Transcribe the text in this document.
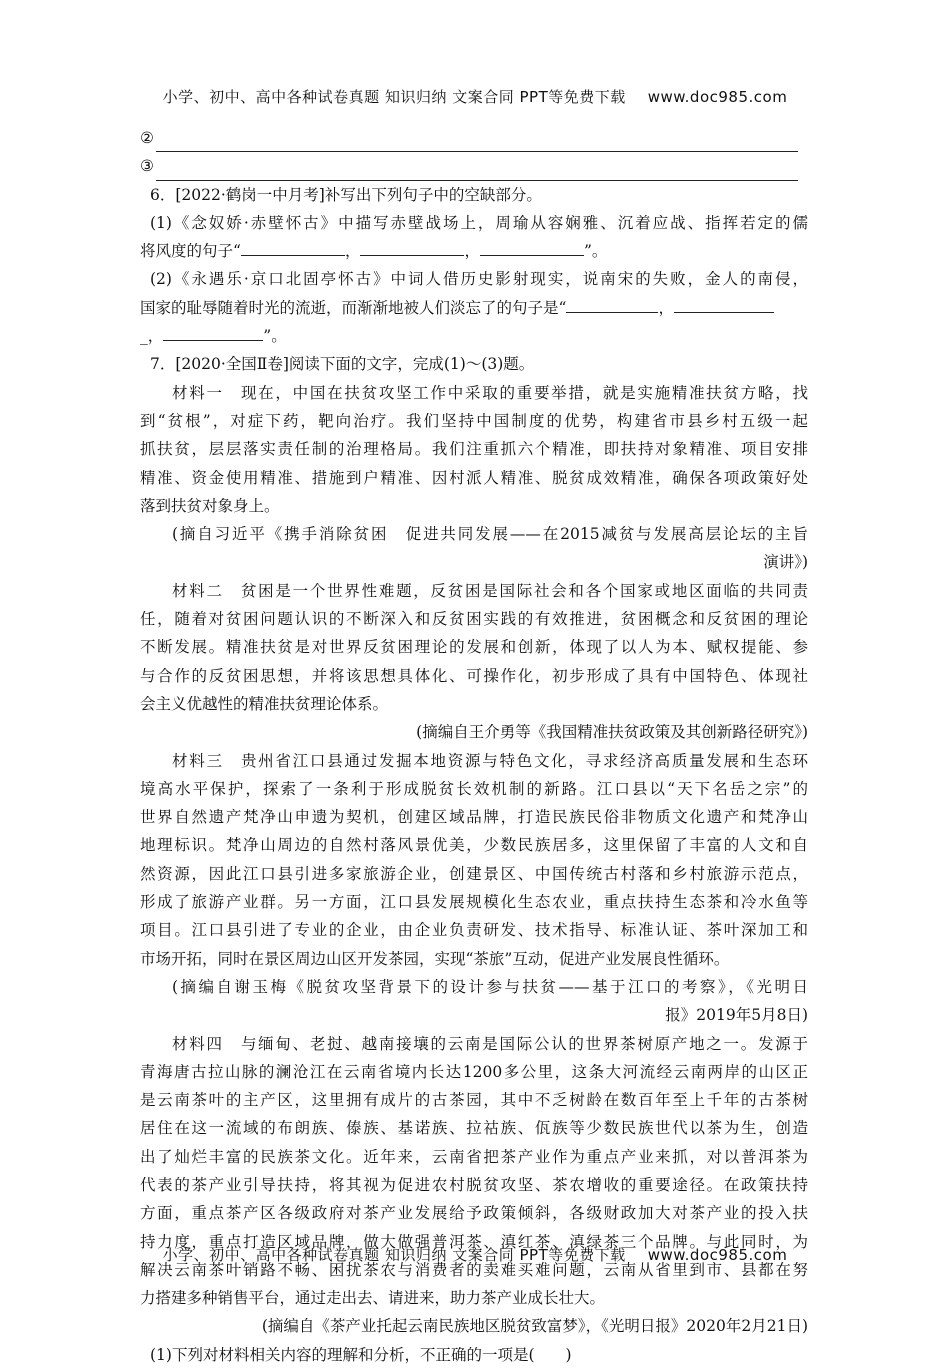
小学、初中、高中各种试卷真题 知识归纳 文案合同 PPT等免费下载 www.doc985.com
②
③
6．[2022·鹤岗一中月考]补写出下列句子中的空缺部分。
(1)《念奴娇·赤壁怀古》中描写赤壁战场上，周瑜从容娴雅、沉着应战、指挥若定的儒
将风度的句子“	，	，	”。
(2)《永遇乐·京口北固亭怀古》中词人借历史影射现实，说南宋的失败，金人的南侵，
国家的耻辱随着时光的流逝，而渐渐地被人们淡忘了的句子是“	，
_，	”。
7．[2020·全国Ⅱ卷]阅读下面的文字，完成(1)～(3)题。
材料一　现在，中国在扶贫攻坚工作中采取的重要举措，就是实施精准扶贫方略，找
到“贫根”，对症下药，靶向治疗。我们坚持中国制度的优势，构建省市县乡村五级一起
抓扶贫，层层落实责任制的治理格局。我们注重抓六个精准，即扶持对象精准、项目安排
精准、资金使用精准、措施到户精准、因村派人精准、脱贫成效精准，确保各项政策好处
落到扶贫对象身上。
(摘自习近平《携手消除贫困　促进共同发展——在2015减贫与发展高层论坛的主旨
演讲》)
材料二　贫困是一个世界性难题，反贫困是国际社会和各个国家或地区面临的共同责
任，随着对贫困问题认识的不断深入和反贫困实践的有效推进，贫困概念和反贫困的理论
不断发展。精准扶贫是对世界反贫困理论的发展和创新，体现了以人为本、赋权提能、参
与合作的反贫困思想，并将该思想具体化、可操作化，初步形成了具有中国特色、体现社
会主义优越性的精准扶贫理论体系。
(摘编自王介勇等《我国精准扶贫政策及其创新路径研究》)
材料三　贵州省江口县通过发掘本地资源与特色文化，寻求经济高质量发展和生态环
境高水平保护，探索了一条利于形成脱贫长效机制的新路。江口县以“天下名岳之宗”的
世界自然遗产梵净山申遗为契机，创建区域品牌，打造民族民俗非物质文化遗产和梵净山
地理标识。梵净山周边的自然村落风景优美，少数民族居多，这里保留了丰富的人文和自
然资源，因此江口县引进多家旅游企业，创建景区、中国传统古村落和乡村旅游示范点，
形成了旅游产业群。另一方面，江口县发展规模化生态农业，重点扶持生态茶和冷水鱼等
项目。江口县引进了专业的企业，由企业负责研发、技术指导、标准认证、茶叶深加工和
市场开拓，同时在景区周边山区开发茶园，实现“茶旅”互动，促进产业发展良性循环。
(摘编自谢玉梅《脱贫攻坚背景下的设计参与扶贫——基于江口的考察》，《光明日
报》2019年5月8日)
材料四　与缅甸、老挝、越南接壤的云南是国际公认的世界茶树原产地之一。发源于
青海唐古拉山脉的澜沧江在云南省境内长达1200多公里，这条大河流经云南两岸的山区正
是云南茶叶的主产区，这里拥有成片的古茶园，其中不乏树龄在数百年至上千年的古茶树
居住在这一流域的布朗族、傣族、基诺族、拉祜族、佤族等少数民族世代以茶为生，创造
出了灿烂丰富的民族茶文化。近年来，云南省把茶产业作为重点产业来抓，对以普洱茶为
代表的茶产业引导扶持，将其视为促进农村脱贫攻坚、茶农增收的重要途径。在政策扶持
方面，重点茶产区各级政府对茶产业发展给予政策倾斜，各级财政加大对茶产业的投入扶
持力度，重点打造区域品牌，做大做强普洱茶、滇红茶、滇绿茶三个品牌。与此同时，为
解决云南茶叶销路不畅、困扰茶农与消费者的卖难买难问题，云南从省里到市、县都在努
力搭建多种销售平台，通过走出去、请进来，助力茶产业成长壮大。
(摘编自《茶产业托起云南民族地区脱贫致富梦》，《光明日报》2020年2月21日)
(1)下列对材料相关内容的理解和分析，不正确的一项是(　　)
小学、初中、高中各种试卷真题 知识归纳 文案合同 PPT等免费下载 www.doc985.com
